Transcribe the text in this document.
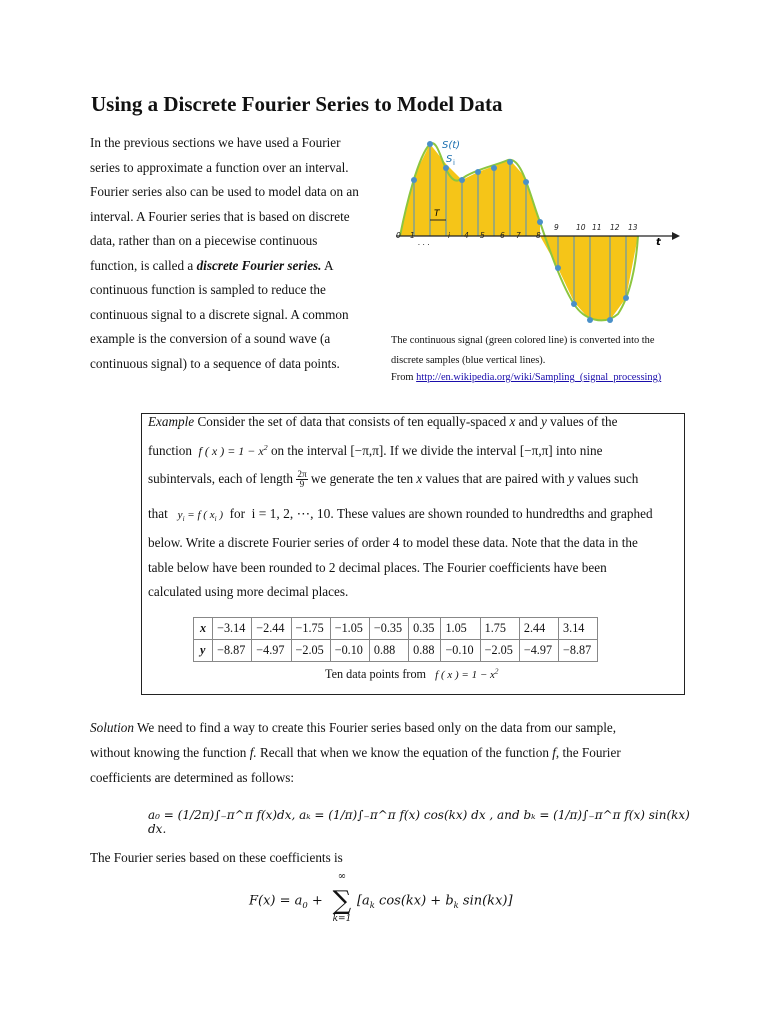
Using a Discrete Fourier Series to Model Data

In the previous sections we have used a Fourier

series to approximate a function over an interval.

Fourier series also can be used to model data on an

interval. A Fourier series that is based on discrete

data, rather than on a piecewise continuous

function, is called a discrete Fourier series. A

continuous function is sampled to reduce the

continuous signal to a discrete signal. A common

example is the conversion of a sound wave (a

continuous signal) to a sequence of data points.

T
S(t)
S i
t
0 1
. . .
i 4 5 6 7 8
9 10 11 12 13
The continuous signal (green colored line) is converted into the
discrete samples (blue vertical lines).
From http://en.wikipedia.org/wiki/Sampling_(signal_processing)
Example Consider the set of data that consists of ten equally-spaced x and y values of the
function f ( x ) = $1 - x^2$ on the interval [−π,π]. If we divide the interval [−π,π] into nine
subintervals, each of length $\frac{2\pi}{9}$ we generate the ten x values that are paired with y values such
that $y_i = f$ ( $x_i$ ) for i = 1, 2, ⋯, 10. These values are shown rounded to hundredths and graphed
below. Write a discrete Fourier series of order 4 to model these data. Note that the data in the
table below have been rounded to 2 decimal places. The Fourier coefficients have been
calculated using more decimal places.
x	−3.14	−2.44	−1.75	−1.05	−0.35	0.35	1.05	1.75	2.44	3.14
y	−8.87	−4.97	−2.05	−0.10	0.88	0.88	−0.10	−2.05	−4.97	−8.87
Ten data points from f ( x ) = $1 - x^2$
Solution We need to find a way to create this Fourier series based only on the data from our sample,
without knowing the function f. Recall that when we know the equation of the function f, the Fourier
coefficients are determined as follows:
a₀ = (1/2π)∫₋π^π f(x)dx, aₖ = (1/π)∫₋π^π f(x) cos(kx) dx , and bₖ = (1/π)∫₋π^π f(x) sin(kx) dx.
The Fourier series based on these coefficients is
$F(x) = a_0$ +
∞
∑
k=1
[$a_k$ $\cos(kx) + b_k$ sin(kx)]
